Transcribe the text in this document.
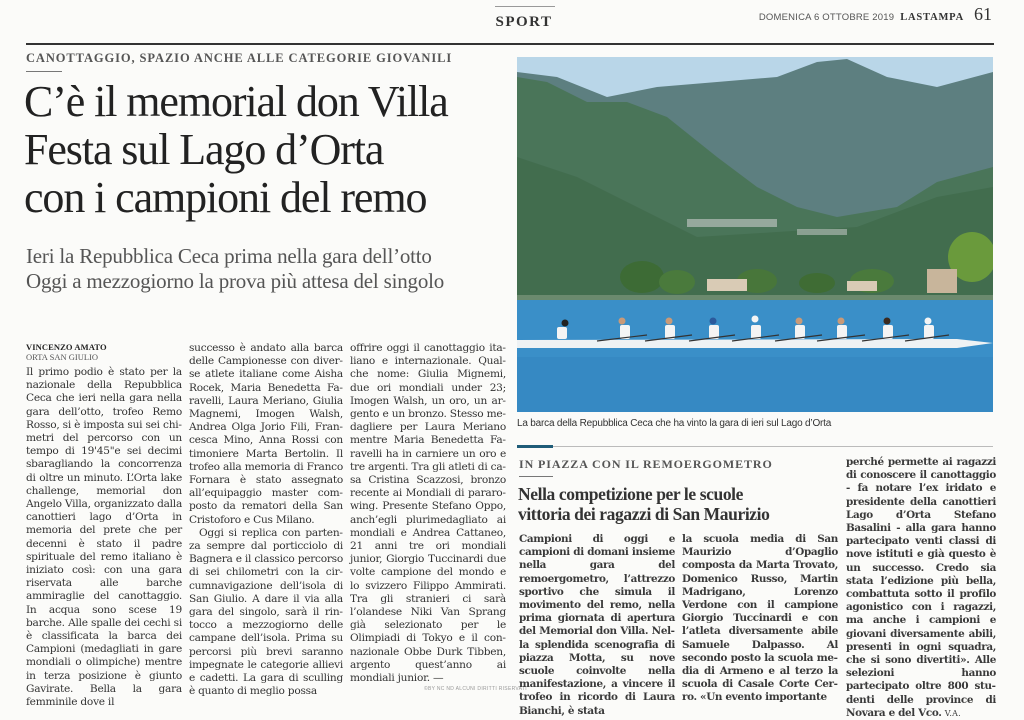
SPORT	DOMENICA 6 OTTOBRE 2019 LASTAMPA 61
CANOTTAGGIO, SPAZIO ANCHE ALLE CATEGORIE GIOVANILI
C’è il memorial don Villa
Festa sul Lago d’Orta
con i campioni del remo
Ieri la Repubblica Ceca prima nella gara dell’otto
Oggi a mezzogiorno la prova più attesa del singolo
VINCENZO AMATO
ORTA SAN GIULIO

Il primo podio è stato per la nazionale della Repubblica Ceca che ieri nella gara nella gara dell’otto, trofeo Remo Rosso, si è imposta sui sei chimetri del percorso con un tempo di 19'45"e sei decimi sbaragliando la concorrenza di oltre un minuto. L’Orta lake challenge, memorial don Angelo Villa, organizzato dalla canottieri lago d’Orta in memoria del prete che per decenni è stato il padre spirituale del remo italiano è iniziato così: con una gara riservata alle barche ammiraglie del canottaggio. In acqua sono scese 19 barche. Alle spalle dei cechi si è classificata la barca dei Campioni (medagliati in gare mondiali o olimpiche) mentre in terza posizione è giunto Gavirate. Bella la gara femminile dove il

successo è andato alla barca delle Campionesse con diverse atlete italiane come Aisha Rocek, Maria Benedetta Faravelli, Laura Meriano, Giulia Magnemi, Imogen Walsh, Andrea Olga Jorio Fili, Francesca Mino, Anna Rossi con timoniere Marta Bertolin. Il trofeo alla memoria di Franco Fornara è stato assegnato all’equipaggio master composto da rematori della San Cristoforo e Cus Milano.

Oggi si replica con partenza sempre dal porticciolo di Bagnera e il classico percorso di sei chilometri con la circumnavigazione dell’isola di San Giulio. A dare il via alla gara del singolo, sarà il rintocco a mezzogiorno delle campane dell’isola. Prima su percorsi più brevi saranno impegnate le categorie allievi e cadetti. La gara di sculling è quanto di meglio possa

offrire oggi il canottaggio italiano e internazionale. Qualche nome: Giulia Mignemi, due ori mondiali under 23; Imogen Walsh, un oro, un argento e un bronzo. Stesso medagliere per Laura Meriano mentre Maria Benedetta Faravelli ha in carniere un oro e tre argenti. Tra gli atleti di casa Cristina Scazzosi, bronzo recente ai Mondiali di pararowing. Presente Stefano Oppo, anch’egli plurimedagliato ai mondiali e Andrea Cattaneo, 21 anni tre ori mondiali junior, Giorgio Tuccinardi due volte campione del mondo e lo svizzero Filippo Ammirati. Tra gli stranieri ci sarà l’olandese Niki Van Sprang già selezionato per le Olimpiadi di Tokyo e il connazionale Obbe Durk Tibben, argento quest’anno ai mondiali junior. —

©BY NC ND ALCUNI DIRITTI RISERVATI
La barca della Repubblica Ceca che ha vinto la gara di ieri sul Lago d’Orta
IN PIAZZA CON IL REMOERGOMETRO
Nella competizione per le scuole
vittoria dei ragazzi di San Maurizio

Campioni di oggi e campioni di domani insieme nella gara del remoergometro, l’attrezzo sportivo che simula il movimento del remo, nella prima giornata di apertura del Memorial don Villa. Nella splendida scenografia di piazza Motta, su nove scuole coinvolte nella manifestazione, a vincere il trofeo in ricordo di Laura Bianchi, è stata

la scuola media di San Maurizio d’Opaglio composta da Marta Trovato, Domenico Russo, Martin Madrigano, Lorenzo Verdone con il campione Giorgio Tuccinardi e con l’atleta diversamente abile Samuele Dalpasso. Al secondo posto la scuola media di Armeno e al terzo la scuola di Casale Corte Cerro. «Un evento importante

perché permette ai ragazzi di conoscere il canottaggio - fa notare l’ex iridato e presidente della canottieri Lago d’Orta Stefano Basalini - alla gara hanno partecipato venti classi di nove istituti e già questo è un successo. Credo sia stata l’edizione più bella, combattuta sotto il profilo agonistico con i ragazzi, ma anche i campioni e giovani diversamente abili, presenti in ogni squadra, che si sono divertiti». Alle selezioni hanno partecipato oltre 800 studenti delle province di Novara e del Vco. V.A.
